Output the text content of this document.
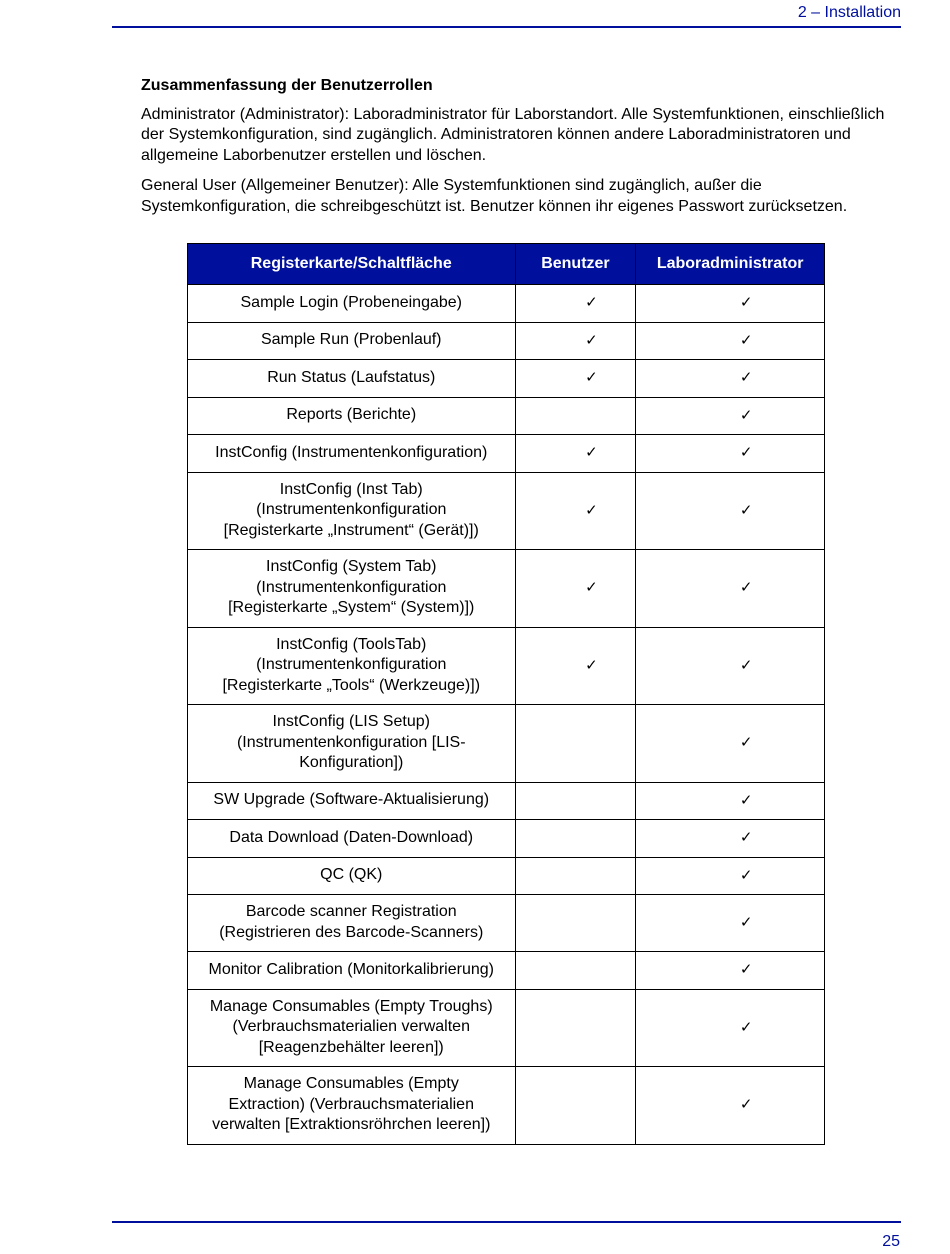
2 – Installation

Zusammenfassung der Benutzerrollen

Administrator (Administrator): Laboradministrator für Laborstandort. Alle Systemfunktionen, einschließlich der Systemkonfiguration, sind zugänglich. Administratoren können andere Laboradministratoren und allgemeine Laborbenutzer erstellen und löschen.

General User (Allgemeiner Benutzer): Alle Systemfunktionen sind zugänglich, außer die Systemkonfiguration, die schreibgeschützt ist. Benutzer können ihr eigenes Passwort zurücksetzen.

Registerkarte/Schaltfläche	Benutzer	Laboradministrator
Sample Login (Probeneingabe)	✓	✓
Sample Run (Probenlauf)	✓	✓
Run Status (Laufstatus)	✓	✓
Reports (Berichte)		✓
InstConfig (Instrumentenkonfiguration)	✓	✓
InstConfig (Inst Tab)
(Instrumentenkonfiguration
[Registerkarte „Instrument“ (Gerät)])	✓	✓
InstConfig (System Tab)
(Instrumentenkonfiguration
[Registerkarte „System“ (System)])	✓	✓
InstConfig (ToolsTab)
(Instrumentenkonfiguration
[Registerkarte „Tools“ (Werkzeuge)])	✓	✓
InstConfig (LIS Setup)
(Instrumentenkonfiguration [LIS-
Konfiguration])		✓
SW Upgrade (Software-Aktualisierung)		✓
Data Download (Daten-Download)		✓
QC (QK)		✓
Barcode scanner Registration
(Registrieren des Barcode-Scanners)		✓
Monitor Calibration (Monitorkalibrierung)		✓
Manage Consumables (Empty Troughs)
(Verbrauchsmaterialien verwalten
[Reagenzbehälter leeren])		✓
Manage Consumables (Empty
Extraction) (Verbrauchsmaterialien
verwalten [Extraktionsröhrchen leeren])		✓
25
